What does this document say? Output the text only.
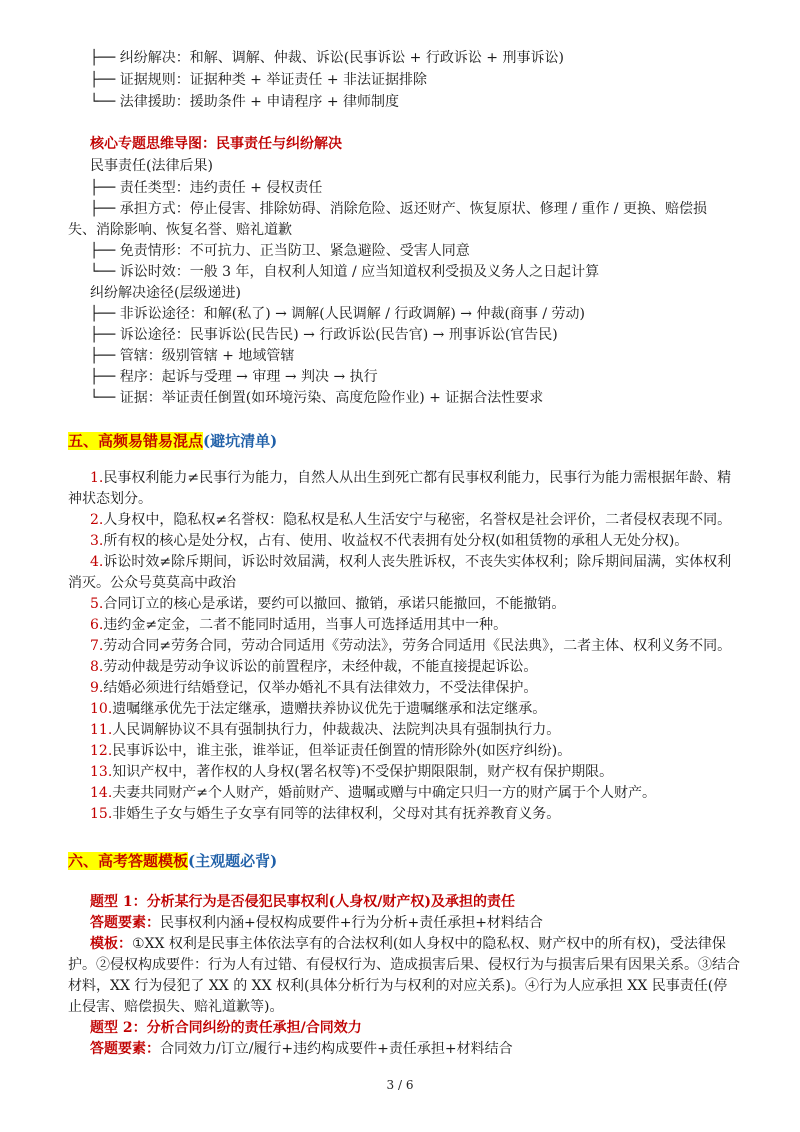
├── 纠纷解决：和解、调解、仲裁、诉讼(民事诉讼 + 行政诉讼 + 刑事诉讼)
├── 证据规则：证据种类 + 举证责任 + 非法证据排除
└── 法律援助：援助条件 + 申请程序 + 律师制度
核心专题思维导图：民事责任与纠纷解决
民事责任(法律后果)
├── 责任类型：违约责任 + 侵权责任
├── 承担方式：停止侵害、排除妨碍、消除危险、返还财产、恢复原状、修理 / 重作 / 更换、赔偿损
失、消除影响、恢复名誉、赔礼道歉
├── 免责情形：不可抗力、正当防卫、紧急避险、受害人同意
└── 诉讼时效：一般 3 年，自权利人知道 / 应当知道权利受损及义务人之日起计算
纠纷解决途径(层级递进)
├── 非诉讼途径：和解(私了) → 调解(人民调解 / 行政调解) → 仲裁(商事 / 劳动)
├── 诉讼途径：民事诉讼(民告民) → 行政诉讼(民告官) → 刑事诉讼(官告民)
├── 管辖：级别管辖 + 地域管辖
├── 程序：起诉与受理 → 审理 → 判决 → 执行
└── 证据：举证责任倒置(如环境污染、高度危险作业) + 证据合法性要求
五、高频易错易混点(避坑清单)
1.民事权利能力≠民事行为能力，自然人从出生到死亡都有民事权利能力，民事行为能力需根据年龄、精神状态划分。
2.人身权中，隐私权≠名誉权：隐私权是私人生活安宁与秘密，名誉权是社会评价，二者侵权表现不同。
3.所有权的核心是处分权，占有、使用、收益权不代表拥有处分权(如租赁物的承租人无处分权)。
4.诉讼时效≠除斥期间，诉讼时效届满，权利人丧失胜诉权，不丧失实体权利；除斥期间届满，实体权利消灭。公众号莫莫高中政治
5.合同订立的核心是承诺，要约可以撤回、撤销，承诺只能撤回，不能撤销。
6.违约金≠定金，二者不能同时适用，当事人可选择适用其中一种。
7.劳动合同≠劳务合同，劳动合同适用《劳动法》，劳务合同适用《民法典》，二者主体、权利义务不同。
8.劳动仲裁是劳动争议诉讼的前置程序，未经仲裁，不能直接提起诉讼。
9.结婚必须进行结婚登记，仅举办婚礼不具有法律效力，不受法律保护。
10.遗嘱继承优先于法定继承，遗赠扶养协议优先于遗嘱继承和法定继承。
11.人民调解协议不具有强制执行力，仲裁裁决、法院判决具有强制执行力。
12.民事诉讼中，谁主张，谁举证，但举证责任倒置的情形除外(如医疗纠纷)。
13.知识产权中，著作权的人身权(署名权等)不受保护期限限制，财产权有保护期限。
14.夫妻共同财产≠个人财产，婚前财产、遗嘱或赠与中确定只归一方的财产属于个人财产。
15.非婚生子女与婚生子女享有同等的法律权利，父母对其有抚养教育义务。
六、高考答题模板(主观题必背)
题型 1：分析某行为是否侵犯民事权利(人身权/财产权)及承担的责任
答题要素：民事权利内涵+侵权构成要件+行为分析+责任承担+材料结合
模板：①XX 权利是民事主体依法享有的合法权利(如人身权中的隐私权、财产权中的所有权)，受法律保护。②侵权构成要件：行为人有过错、有侵权行为、造成损害后果、侵权行为与损害后果有因果关系。③结合材料，XX 行为侵犯了 XX 的 XX 权利(具体分析行为与权利的对应关系)。④行为人应承担 XX 民事责任(停止侵害、赔偿损失、赔礼道歉等)。
题型 2：分析合同纠纷的责任承担/合同效力
答题要素：合同效力/订立/履行+违约构成要件+责任承担+材料结合
3 / 6
